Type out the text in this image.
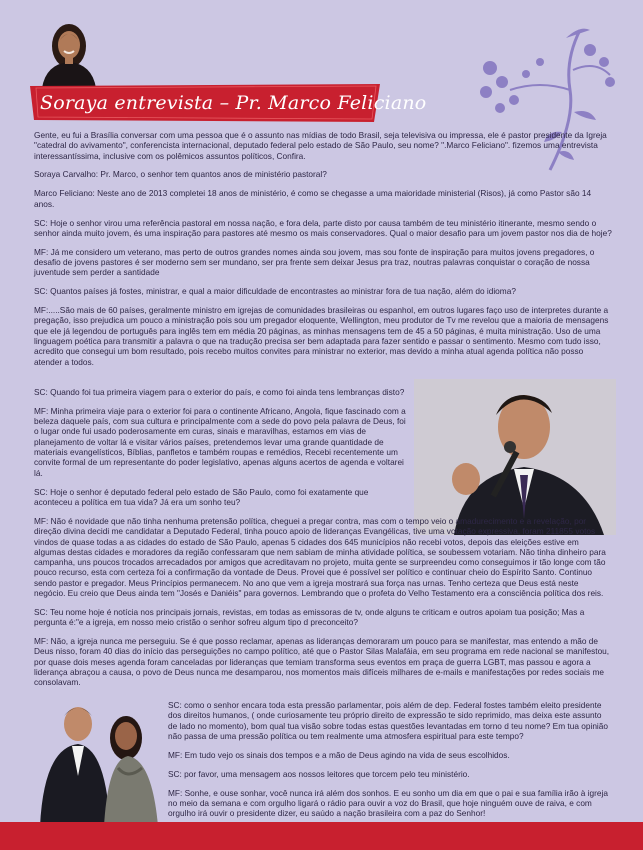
Soraya entrevista – Pr. Marco Feliciano

Gente, eu fui a Brasília conversar com uma pessoa que é o assunto nas mídias de todo Brasil, seja televisiva ou impressa, ele é pastor presidente da Igreja "catedral do avivamento", conferencista internacional, deputado federal pelo estado de São Paulo, seu nome? ".Marco Feliciano". fizemos uma entrevista interessantíssima, inclusive com os polêmicos assuntos políticos, Confira.

Soraya Carvalho: Pr. Marco, o senhor tem quantos anos de ministério pastoral?

Marco Feliciano: Neste ano de 2013 completei 18 anos de ministério, é como se chegasse a uma maioridade ministerial (Risos), já como Pastor são 14 anos.

SC: Hoje o senhor virou uma referência pastoral em nossa nação, e fora dela, parte disto por causa também de teu ministério itinerante, mesmo sendo o senhor ainda muito jovem, és uma inspiração para pastores até mesmo os mais conservadores. Qual o maior desafio para um jovem pastor nos dia de hoje?

MF: Já me considero um veterano, mas perto de outros grandes nomes ainda sou jovem, mas sou fonte de inspiração para muitos jovens pregadores, o desafio de jovens pastores é ser moderno sem ser mundano, ser pra frente sem deixar Jesus pra traz, noutras palavras conquistar o coração de nossa juventude sem perder a santidade

SC: Quantos países já fostes, ministrar, e qual a maior dificuldade de encontrastes ao ministrar fora de tua nação, além do idioma?

MF:.....São mais de 60 países, geralmente ministro em igrejas de comunidades brasileiras ou espanhol, em outros lugares faço uso de interpretes durante a pregação, isso prejudica um pouco a ministração pois sou um pregador eloquente, Wellington, meu produtor de Tv me revelou que a maioria de mensagens que ele já legendou de português para inglês tem em média 20 páginas, as minhas mensagens tem de 45 a 50 páginas, é muita ministração. Uso de uma linguagem poética para transmitir a palavra o que na tradução precisa ser bem adaptada para fazer sentido e passar o sentimento. Mesmo com tudo isso, acredito que consegui um bom resultado, pois recebo muitos convites para ministrar no exterior, mas devido a minha atual agenda política não posso atender a todos.

SC: Quando foi tua primeira viagem para o exterior do país, e como foi ainda tens lembranças disto?

MF: Minha primeira viaje para o exterior foi para o continente Africano, Angola, fique fascinado com a beleza daquele país, com sua cultura e principalmente com a sede do povo pela palavra de Deus, foi o lugar onde fui usado poderosamente em curas, sinais e maravilhas, estamos em vias de planejamento de voltar lá e visitar vários países, pretendemos levar uma grande quantidade de materiais evangelísticos, Bíblias, panfletos e também roupas e remédios, Recebi recentemente um convite formal de um representante do poder legislativo, apenas alguns acertos de agenda e voltarei lá.

SC: Hoje o senhor é deputado federal pelo estado de São Paulo, como foi exatamente que aconteceu a política em tua vida? Já era um sonho teu?

MF: Não é novidade que não tinha nenhuma pretensão política, cheguei a pregar contra, mas com o tempo veio o amadurecimento e a revelação, por direção divina decidi me candidatar a Deputado Federal, tinha pouco apoio de lideranças Evangélicas, tive uma votação expressiva, foram 211855 votos vindos de quase todas a as cidades do estado de São Paulo, apenas 5 cidades dos 645 municípios não recebi votos, depois das eleições estive em algumas destas cidades e moradores da região confessaram que nem sabiam de minha atividade política, se soubessem votariam. Não tinha dinheiro para campanha, uns poucos trocados arrecadados por amigos que acreditavam no projeto, muita gente se surpreendeu como conseguimos ir tão longe com tão pouco recurso, esta com certeza foi a confirmação da vontade de Deus. Provei que é possível ser político e continuar cheio do Espírito Santo. Continuo sendo pastor e pregador. Meus Princípios permanecem. No ano que vem a igreja mostrará sua força nas urnas. Tenho certeza que Deus está neste negócio. Eu creio que Deus ainda tem "Josés e Daniéis" para governos. Lembrando que o profeta do Velho Testamento era a consciência política dos reis.

SC: Teu nome hoje é notícia nos principais jornais, revistas, em todas as emissoras de tv, onde alguns te criticam e outros apoiam tua posição; Mas a pergunta é:"e a igreja, em nosso meio cristão o senhor sofreu algum tipo d preconceito?

MF: Não, a igreja nunca me perseguiu. Se é que posso reclamar, apenas as lideranças demoraram um pouco para se manifestar, mas entendo a mão de Deus nisso, foram 40 dias do início das perseguições no campo político, até que o Pastor Silas Malafáia, em seu programa em rede nacional se manifestou, por quase dois meses agenda foram canceladas por lideranças que temiam transforma seus eventos em praça de guerra LGBT, mas passou e agora a liderança abraçou a causa, o povo de Deus nunca me desamparou, nos momentos mais difíceis milhares de e-mails e manifestações por redes sociais me consolavam.

SC: como o senhor encara toda esta pressão parlamentar, pois além de dep. Federal fostes também eleito presidente dos direitos humanos, ( onde curiosamente teu próprio direito de expressão te sido reprimido, mas deixa este assunto de lado no momento), bom qual tua visão sobre todas estas questões levantadas em torno d teu nome? Em tua opinião não passa de uma pressão política ou tem realmente uma atmosfera espiritual para este tempo?

MF: Em tudo vejo os sinais dos tempos e a mão de Deus agindo na vida de seus escolhidos.

SC: por favor, uma mensagem aos nossos leitores que torcem pelo teu ministério.

MF: Sonhe, e ouse sonhar, você nunca irá além dos sonhos. E eu sonho um dia em que o pai e sua família irão à igreja no meio da semana e com orgulho ligará o rádio para ouvir a voz do Brasil, que hoje ninguém ouve de raiva, e com orgulho irá ouvir o presidente dizer, eu saúdo a nação brasileira com a paz do Senhor!
